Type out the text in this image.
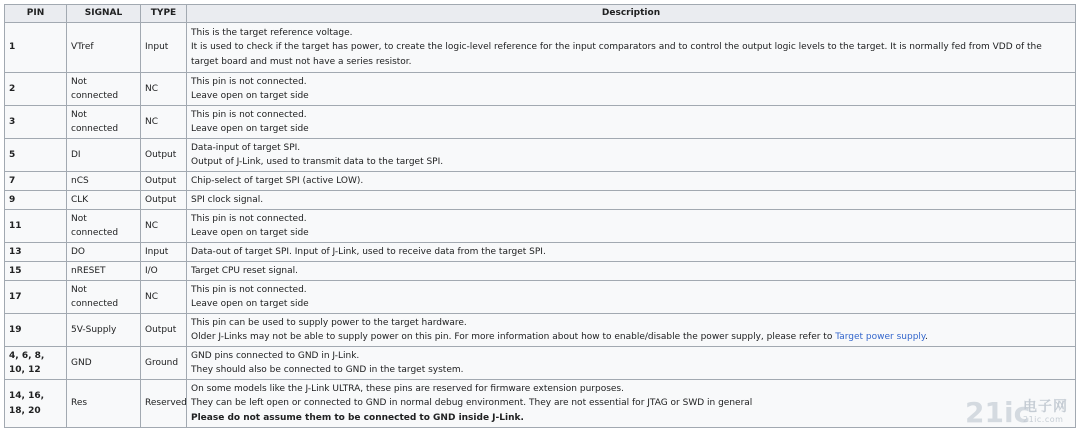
PIN	SIGNAL	TYPE	Description
1	VTref	Input	This is the target reference voltage.
It is used to check if the target has power, to create the logic-level reference for the input comparators and to control the output logic levels to the target. It is normally fed from VDD of the target board and must not have a series resistor.

2	Not connected	NC	This pin is not connected.
Leave open on target side

3	Not connected	NC	This pin is not connected.
Leave open on target side

5	DI	Output	Data-input of target SPI.
Output of J-Link, used to transmit data to the target SPI.

7	nCS	Output	Chip-select of target SPI (active LOW).

9	CLK	Output	SPI clock signal.

11	Not connected	NC	This pin is not connected.
Leave open on target side

13	DO	Input	Data-out of target SPI. Input of J-Link, used to receive data from the target SPI.

15	nRESET	I/O	Target CPU reset signal.

17	Not connected	NC	This pin is not connected.
Leave open on target side

19	5V-Supply	Output	This pin can be used to supply power to the target hardware.
Older J-Links may not be able to supply power on this pin. For more information about how to enable/disable the power supply, please refer to Target power supply.

4, 6, 8, 10, 12	GND	Ground	GND pins connected to GND in J-Link.
They should also be connected to GND in the target system.

14, 16, 18, 20	Res	Reserved	On some models like the J-Link ULTRA, these pins are reserved for firmware extension purposes.
They can be left open or connected to GND in normal debug environment. They are not essential for JTAG or SWD in general
Please do not assume them to be connected to GND inside J-Link.	21ic
电子网
21ic.com
